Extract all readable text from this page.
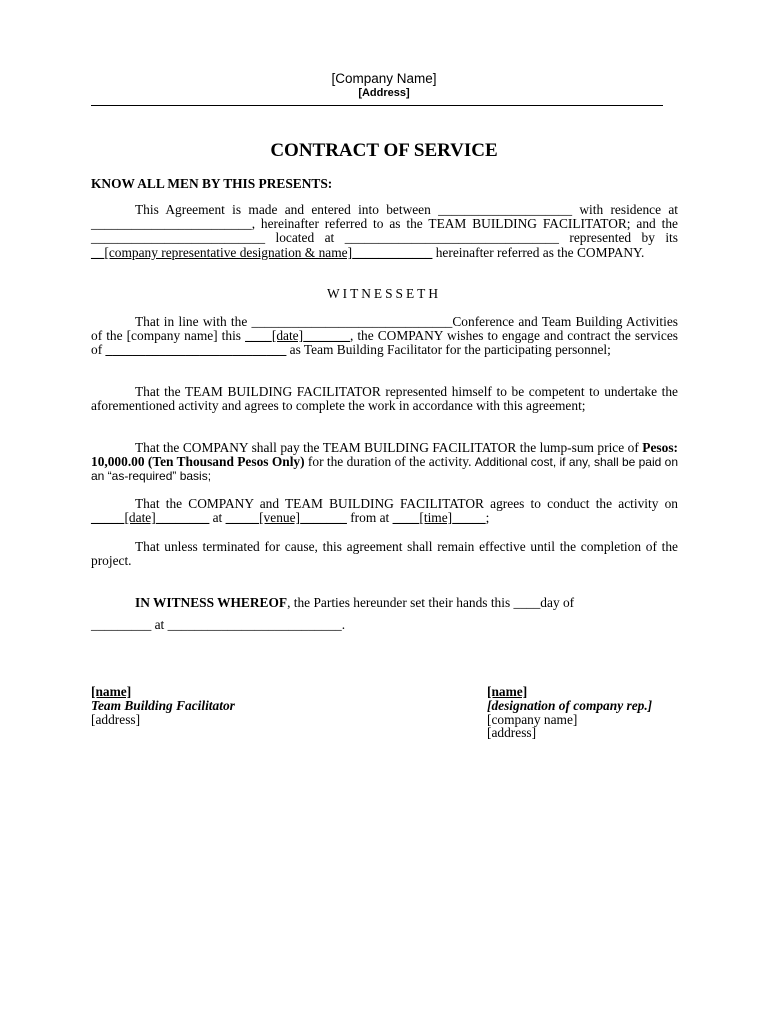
[Company Name]
[Address]
CONTRACT OF SERVICE
KNOW ALL MEN BY THIS PRESENTS:
This Agreement is made and entered into between ____________________ with residence at ________________________, hereinafter referred to as the TEAM BUILDING FACILITATOR; and the __________________________ located at ________________________________ represented by its __[company representative designation & name]____________ hereinafter referred as the COMPANY.
WITNESSETH
That in line with the ______________________________Conference and Team Building Activities of the [company name] this ____[date]_______, the COMPANY wishes to engage and contract the services of ___________________________ as Team Building Facilitator for the participating personnel;
That the TEAM BUILDING FACILITATOR represented himself to be competent to undertake the aforementioned activity and agrees to complete the work in accordance with this agreement;
That the COMPANY shall pay the TEAM BUILDING FACILITATOR the lump-sum price of Pesos: 10,000.00 (Ten Thousand Pesos Only) for the duration of the activity. Additional cost, if any, shall be paid on an “as-required” basis;
That the COMPANY and TEAM BUILDING FACILITATOR agrees to conduct the activity on _____[date]________ at _____[venue]_______ from at ____[time]_____;
That unless terminated for cause, this agreement shall remain effective until the completion of the project.
IN WITNESS WHEREOF, the Parties hereunder set their hands this ____day of
_________ at __________________________.
[name]
Team Building Facilitator
[address]
[name]
[designation of company rep.]
[company name]
[address]
